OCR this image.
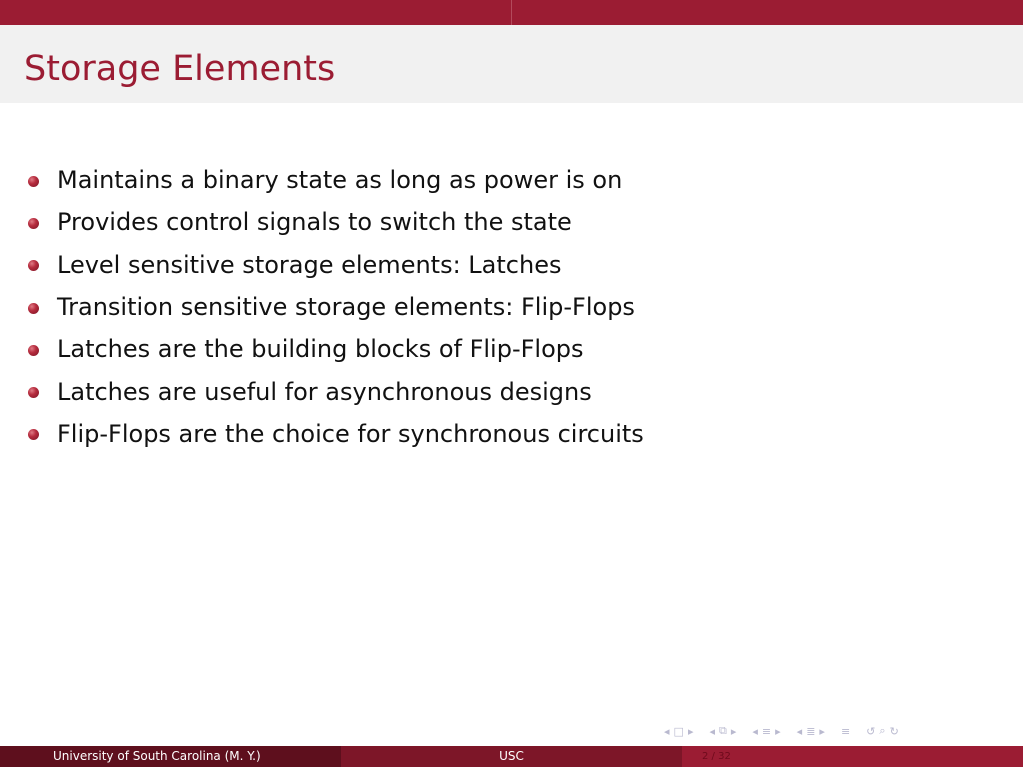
Storage Elements
Maintains a binary state as long as power is on
Provides control signals to switch the state
Level sensitive storage elements: Latches
Transition sensitive storage elements: Flip-Flops
Latches are the building blocks of Flip-Flops
Latches are useful for asynchronous designs
Flip-Flops are the choice for synchronous circuits
◂ □ ▸ ◂ ⧉ ▸ ◂ ≡ ▸ ◂ ≣ ▸ ≡ ↺ ⌕ ↻
University of South Carolina (M. Y.)	USC	2 / 32
